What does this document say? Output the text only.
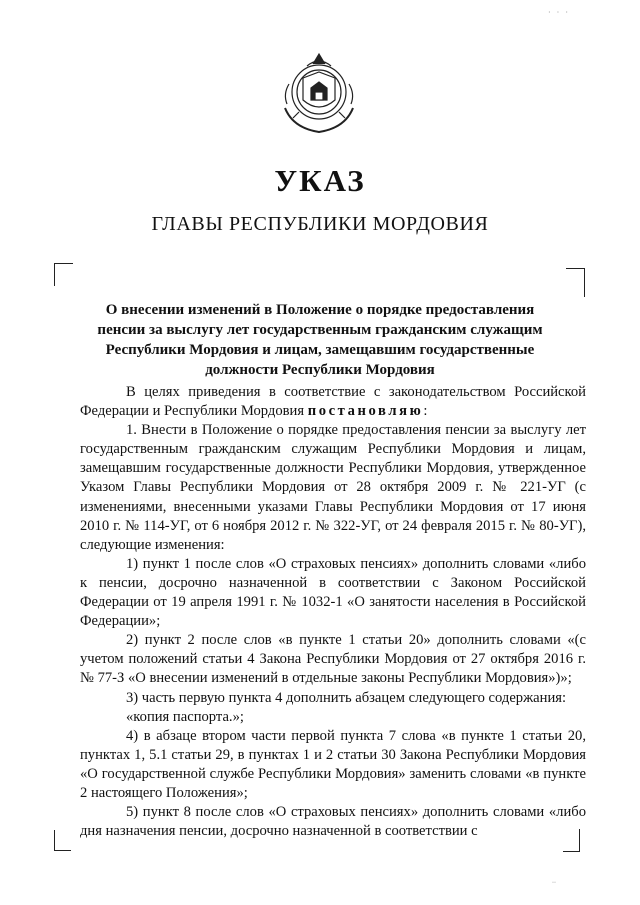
· · ·
УКАЗ
ГЛАВЫ РЕСПУБЛИКИ МОРДОВИЯ
О внесении изменений в Положение о порядке предоставления
пенсии за выслугу лет государственным гражданским служащим
Республики Мордовия и лицам, замещавшим государственные
должности Республики Мордовия

В целях приведения в соответствие с законодательством Российской Федерации и Республики Мордовия постановляю:

1. Внести в Положение о порядке предоставления пенсии за выслугу лет государственным гражданским служащим Республики Мордовия и лицам, замещавшим государственные должности Республики Мордовия, утвержденное Указом Главы Республики Мордовия от 28 октября 2009 г. № 221-УГ (с изменениями, внесенными указами Главы Республики Мордовия от 17 июня 2010 г. № 114-УГ, от 6 ноября 2012 г. № 322-УГ, от 24 февраля 2015 г. № 80-УГ), следующие изменения:

1) пункт 1 после слов «О страховых пенсиях» дополнить словами «либо к пенсии, досрочно назначенной в соответствии с Законом Российской Федерации от 19 апреля 1991 г. № 1032-1 «О занятости населения в Российской Федерации»;

2) пункт 2 после слов «в пункте 1 статьи 20» дополнить словами «(с учетом положений статьи 4 Закона Республики Мордовия от 27 октября 2016 г. № 77-З «О внесении изменений в отдельные законы Республики Мордовия»)»;

3) часть первую пункта 4 дополнить абзацем следующего содержания:

«копия паспорта.»;

4) в абзаце втором части первой пункта 7 слова «в пункте 1 статьи 20, пунктах 1, 5.1 статьи 29, в пунктах 1 и 2 статьи 30 Закона Республики Мордовия «О государственной службе Республики Мордовия» заменить словами «в пункте 2 настоящего Положения»;

5) пункт 8 после слов «О страховых пенсиях» дополнить словами «либо дня назначения пенсии, досрочно назначенной в соответствии с

··
